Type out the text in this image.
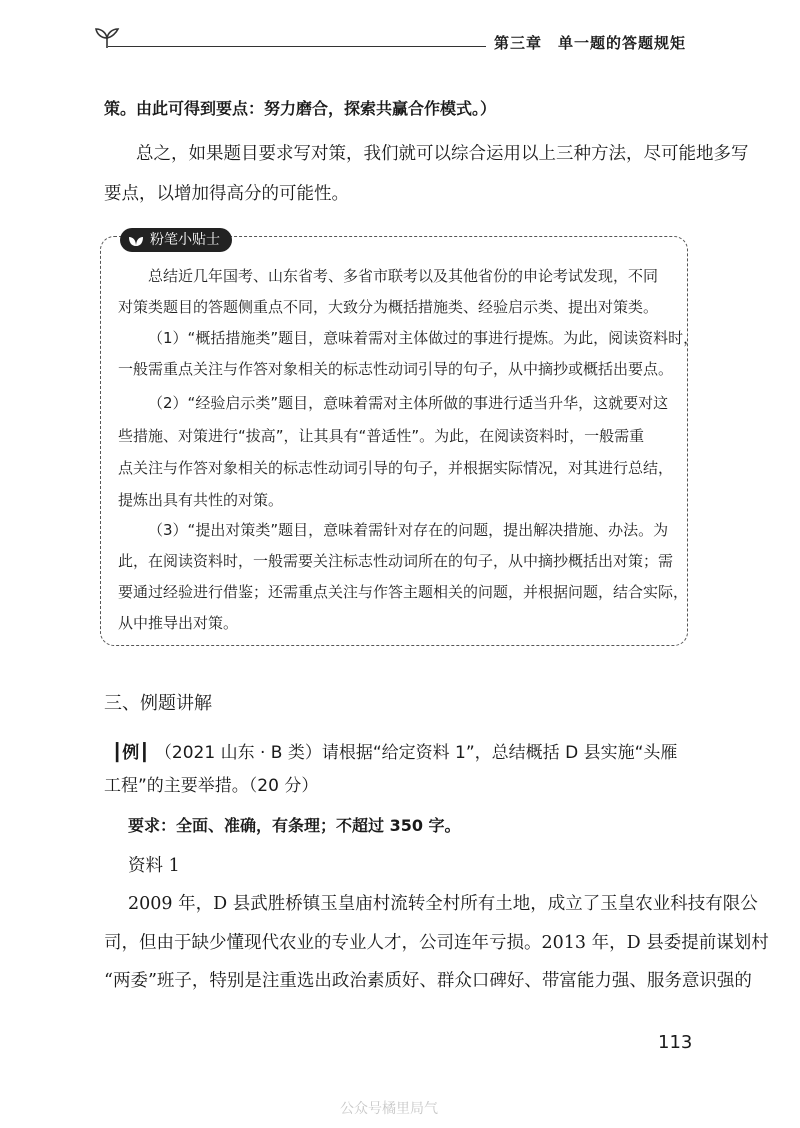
第三章 单一题的答题规矩
策。由此可得到要点：努力磨合，探索共赢合作模式。）
总之，如果题目要求写对策，我们就可以综合运用以上三种方法，尽可能地多写
要点，以增加得高分的可能性。
粉笔小贴士
总结近几年国考、山东省考、多省市联考以及其他省份的申论考试发现，不同
对策类题目的答题侧重点不同，大致分为概括措施类、经验启示类、提出对策类。
（1）“概括措施类”题目，意味着需对主体做过的事进行提炼。为此，阅读资料时，
一般需重点关注与作答对象相关的标志性动词引导的句子，从中摘抄或概括出要点。
（2）“经验启示类”题目，意味着需对主体所做的事进行适当升华，这就要对这
些措施、对策进行“拔高”，让其具有“普适性”。为此，在阅读资料时，一般需重
点关注与作答对象相关的标志性动词引导的句子，并根据实际情况，对其进行总结，
提炼出具有共性的对策。
（3）“提出对策类”题目，意味着需针对存在的问题，提出解决措施、办法。为
此，在阅读资料时，一般需要关注标志性动词所在的句子，从中摘抄概括出对策；需
要通过经验进行借鉴；还需重点关注与作答主题相关的问题，并根据问题，结合实际，
从中推导出对策。
三、例题讲解
┃例┃ （2021 山东 · B 类）请根据“给定资料 1”，总结概括 D 县实施“头雁
工程”的主要举措。（20 分）
要求：全面、准确，有条理；不超过 350 字。
资料 1
2009 年，D 县武胜桥镇玉皇庙村流转全村所有土地，成立了玉皇农业科技有限公
司，但由于缺少懂现代农业的专业人才，公司连年亏损。2013 年，D 县委提前谋划村
“两委”班子，特别是注重选出政治素质好、群众口碑好、带富能力强、服务意识强的
113
公众号橘里局气
